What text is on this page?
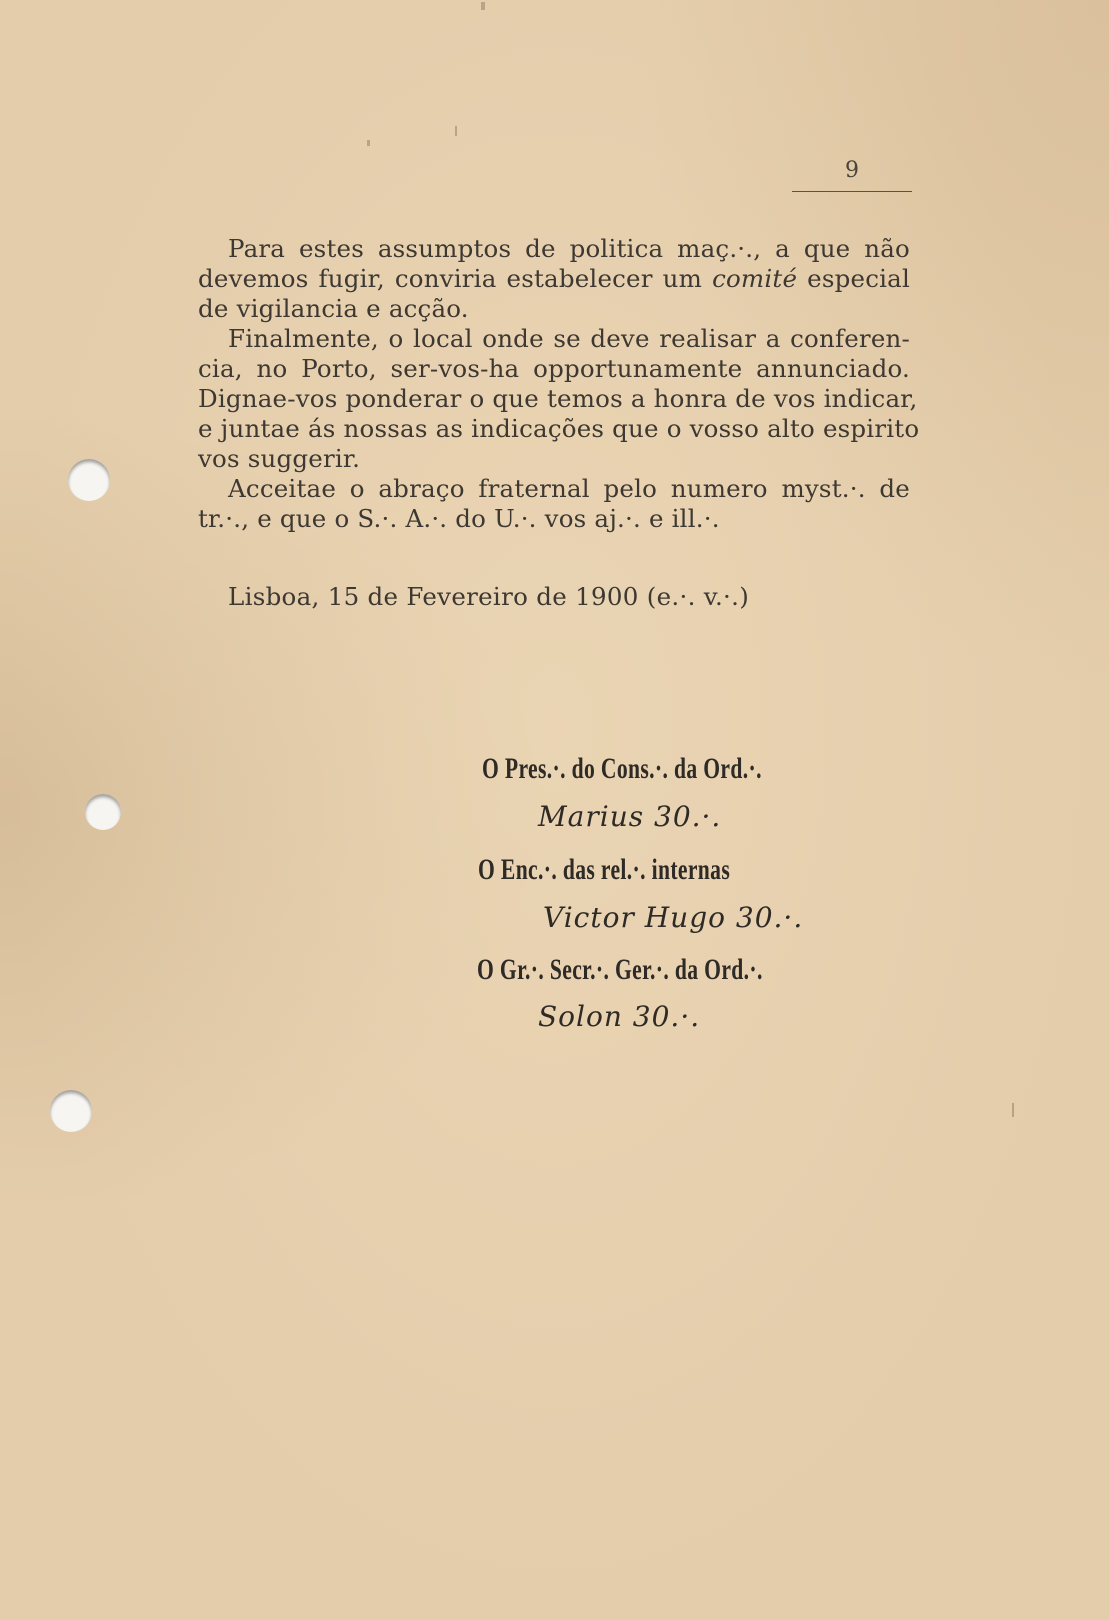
9
Para estes assumptos de politica maç.·., a que não
devemos fugir, conviria estabelecer um comité especial
de vigilancia e acção.
Finalmente, o local onde se deve realisar a conferen-
cia, no Porto, ser-vos-ha opportunamente annunciado.
Dignae-vos ponderar o que temos a honra de vos indicar,
e juntae ás nossas as indicações que o vosso alto espirito
vos suggerir.
Acceitae o abraço fraternal pelo numero myst.·. de
tr.·., e que o S.·. A.·. do U.·. vos aj.·. e ill.·.
Lisboa, 15 de Fevereiro de 1900 (e.·. v.·.)
O Pres.·. do Cons.·. da Ord.·.
Marius 30.·.
O Enc.·. das rel.·. internas
Victor Hugo 30.·.
O Gr.·. Secr.·. Ger.·. da Ord.·.
Solon 30.·.
